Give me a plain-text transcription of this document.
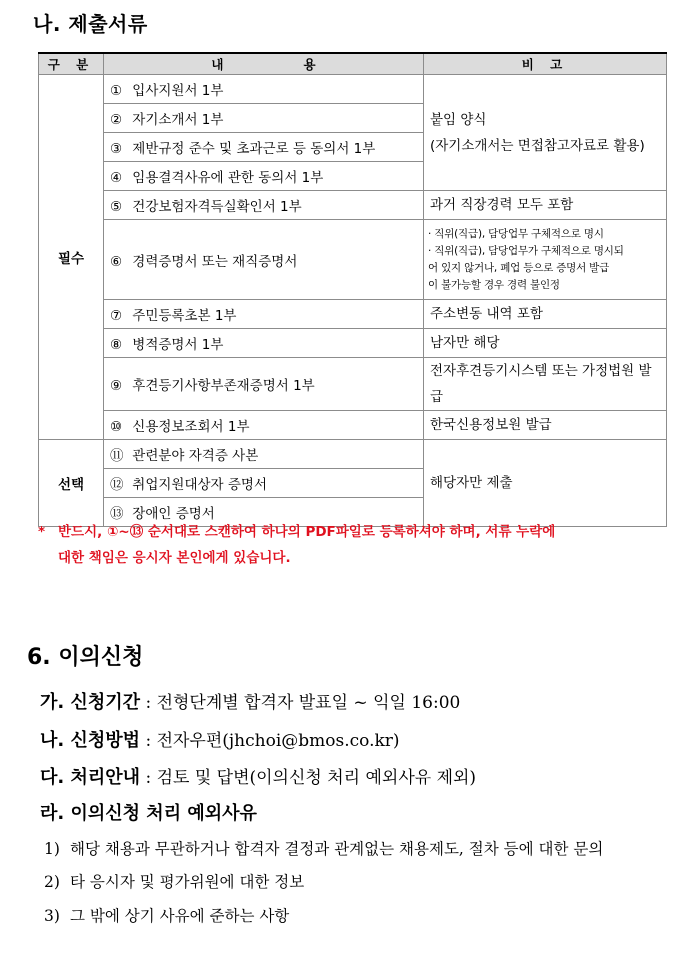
나. 제출서류
구 분	내 용	비 고
필수	① 입사지원서 1부	붙임 양식
(자기소개서는 면접참고자료로 활용)
	② 자기소개서 1부	
	③ 제반규정 준수 및 초과근로 등 동의서 1부	
	④ 임용결격사유에 관한 동의서 1부	
	⑤ 건강보험자격득실확인서 1부	과거 직장경력 모두 포함
	⑥ 경력증명서 또는 재직증명서	· 직위(직급), 담당업무 구체적으로 명시
· 직위(직급), 담당업무가 구체적으로 명시되
어 있지 않거나, 폐업 등으로 증명서 발급
이 불가능할 경우 경력 불인정
	⑦ 주민등록초본 1부	주소변동 내역 포함
	⑧ 병적증명서 1부	남자만 해당
	⑨ 후견등기사항부존재증명서 1부	전자후견등기시스템 또는 가정법원 발급
	⑩ 신용정보조회서 1부	한국신용정보원 발급
선택	⑪ 관련분야 자격증 사본	해당자만 제출
	⑫ 취업지원대상자 증명서	
	⑬ 장애인 증명서	
* 반드시, ①~⑬ 순서대로 스캔하여 하나의 PDF파일로 등록하셔야 하며, 서류 누락에
대한 책임은 응시자 본인에게 있습니다.
6. 이의신청
가. 신청기간 : 전형단계별 합격자 발표일 ~ 익일 16:00
나. 신청방법 : 전자우편(jhchoi@bmos.co.kr)
다. 처리안내 : 검토 및 답변(이의신청 처리 예외사유 제외)
라. 이의신청 처리 예외사유
1) 해당 채용과 무관하거나 합격자 결정과 관계없는 채용제도, 절차 등에 대한 문의
2) 타 응시자 및 평가위원에 대한 정보
3) 그 밖에 상기 사유에 준하는 사항
